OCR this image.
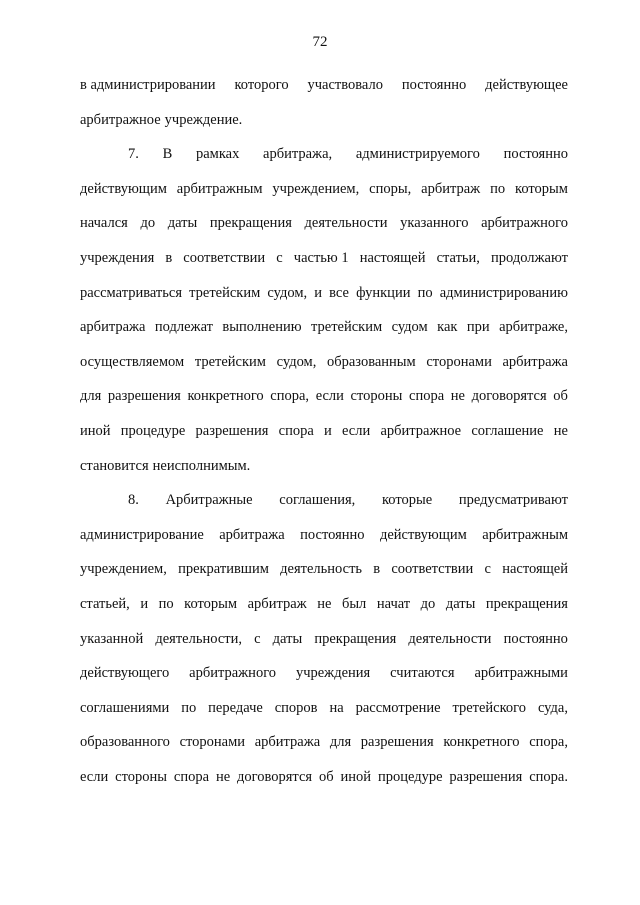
72
в администрировании которого участвовало постоянно действующее
арбитражное учреждение.
7. В рамках арбитража, администрируемого постоянно
действующим арбитражным учреждением, споры, арбитраж по которым
начался до даты прекращения деятельности указанного арбитражного
учреждения в соответствии с частью 1 настоящей статьи, продолжают
рассматриваться третейским судом, и все функции по администрированию
арбитража подлежат выполнению третейским судом как при арбитраже,
осуществляемом третейским судом, образованным сторонами арбитража
для разрешения конкретного спора, если стороны спора не договорятся об
иной процедуре разрешения спора и если арбитражное соглашение не
становится неисполнимым.
8. Арбитражные соглашения, которые предусматривают
администрирование арбитража постоянно действующим арбитражным
учреждением, прекратившим деятельность в соответствии с настоящей
статьей, и по которым арбитраж не был начат до даты прекращения
указанной деятельности, с даты прекращения деятельности постоянно
действующего арбитражного учреждения считаются арбитражными
соглашениями по передаче споров на рассмотрение третейского суда,
образованного сторонами арбитража для разрешения конкретного спора,
если стороны спора не договорятся об иной процедуре разрешения спора.
